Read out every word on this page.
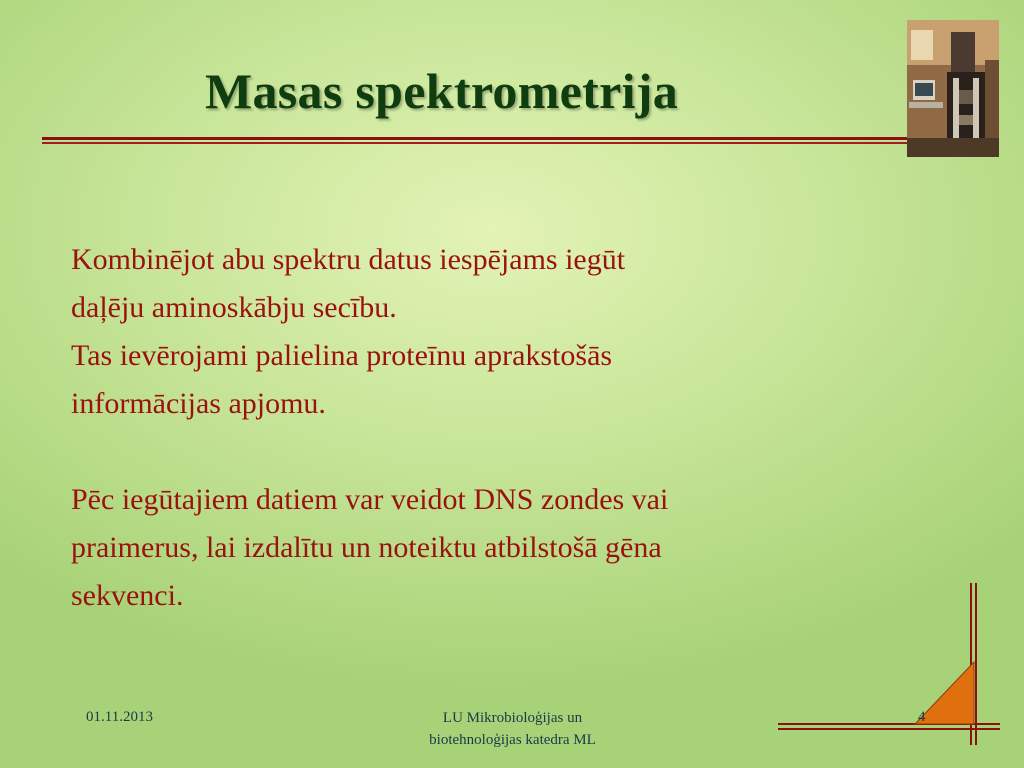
Masas spektrometrija

Kombinējot abu spektru datus iespējams iegūt

daļēju aminoskābju secību.

Tas ievērojami palielina proteīnu aprakstošās

informācijas apjomu.

Pēc iegūtajiem datiem var veidot DNS zondes vai

praimerus, lai izdalītu un noteiktu atbilstošā gēna

sekvenci.

01.11.2013	LU Mikrobioloģijas un
biotehnoloģijas katedra ML
4
